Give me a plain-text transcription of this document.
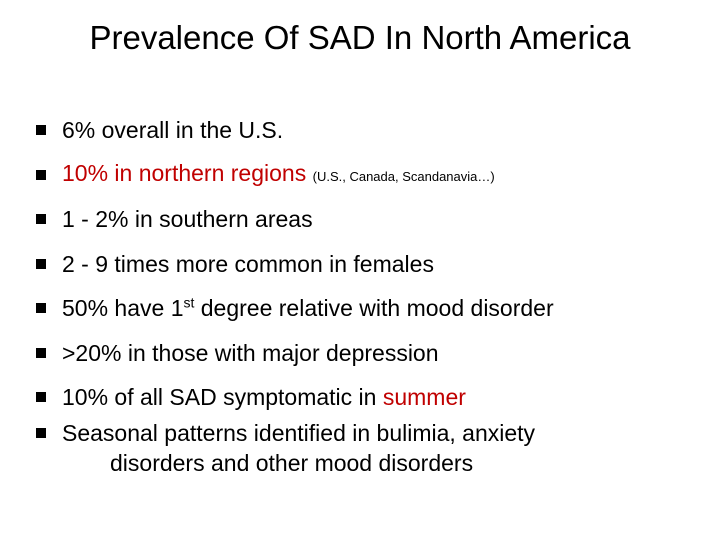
Prevalence Of SAD In North America
6% overall in the U.S.
10% in northern regions (U.S., Canada, Scandanavia…)
1 - 2% in southern areas
2 - 9 times more common in females
50% have 1st degree relative with mood disorder
>20% in those with major depression
10% of all SAD symptomatic in summer
Seasonal patterns identified in bulimia, anxiety
disorders and other mood disorders
